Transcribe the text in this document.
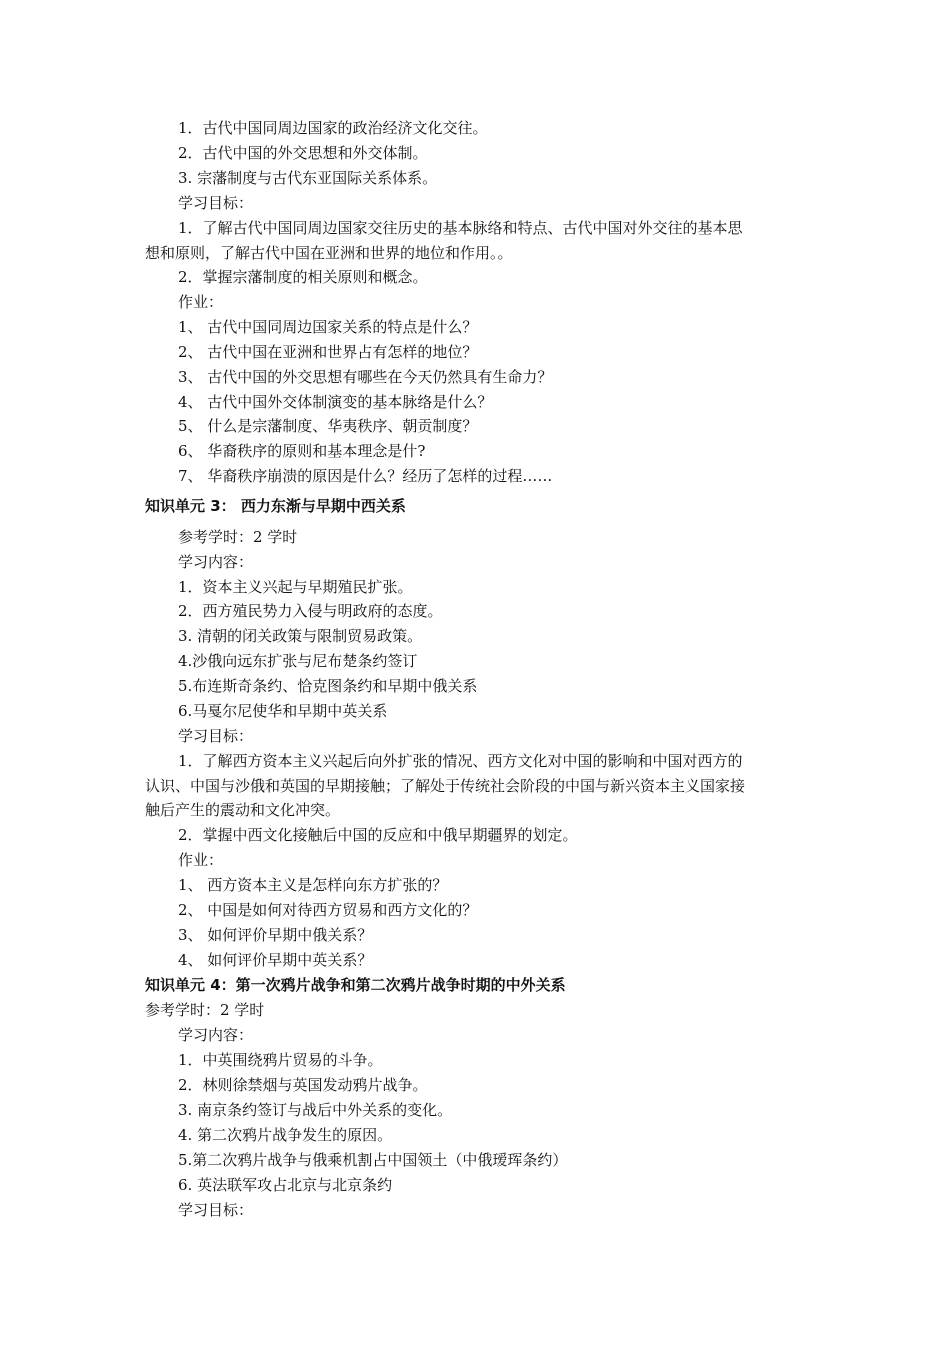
1．古代中国同周边国家的政治经济文化交往。
2．古代中国的外交思想和外交体制。
3. 宗藩制度与古代东亚国际关系体系。
学习目标：
1．了解古代中国同周边国家交往历史的基本脉络和特点、古代中国对外交往的基本思
想和原则，了解古代中国在亚洲和世界的地位和作用。。
2．掌握宗藩制度的相关原则和概念。
作业：
1、 古代中国同周边国家关系的特点是什么？
2、 古代中国在亚洲和世界占有怎样的地位？
3、 古代中国的外交思想有哪些在今天仍然具有生命力？
4、 古代中国外交体制演变的基本脉络是什么？
5、 什么是宗藩制度、华夷秩序、朝贡制度？
6、 华裔秩序的原则和基本理念是什?
7、 华裔秩序崩溃的原因是什么？经历了怎样的过程……
知识单元 3： 西力东渐与早期中西关系
参考学时：2 学时
学习内容：
1．资本主义兴起与早期殖民扩张。
2．西方殖民势力入侵与明政府的态度。
3. 清朝的闭关政策与限制贸易政策。
4.沙俄向远东扩张与尼布楚条约签订
5.布连斯奇条约、恰克图条约和早期中俄关系
6.马戛尔尼使华和早期中英关系
学习目标：
1．了解西方资本主义兴起后向外扩张的情况、西方文化对中国的影响和中国对西方的
认识、中国与沙俄和英国的早期接触；了解处于传统社会阶段的中国与新兴资本主义国家接
触后产生的震动和文化冲突。
2．掌握中西文化接触后中国的反应和中俄早期疆界的划定。
作业：
1、 西方资本主义是怎样向东方扩张的？
2、 中国是如何对待西方贸易和西方文化的？
3、 如何评价早期中俄关系？
4、 如何评价早期中英关系？
知识单元 4：第一次鸦片战争和第二次鸦片战争时期的中外关系
参考学时：2 学时
学习内容：
1．中英围绕鸦片贸易的斗争。
2．林则徐禁烟与英国发动鸦片战争。
3. 南京条约签订与战后中外关系的变化。
4. 第二次鸦片战争发生的原因。
5.第二次鸦片战争与俄乘机割占中国领土（中俄瑷珲条约）
6. 英法联军攻占北京与北京条约
学习目标：
